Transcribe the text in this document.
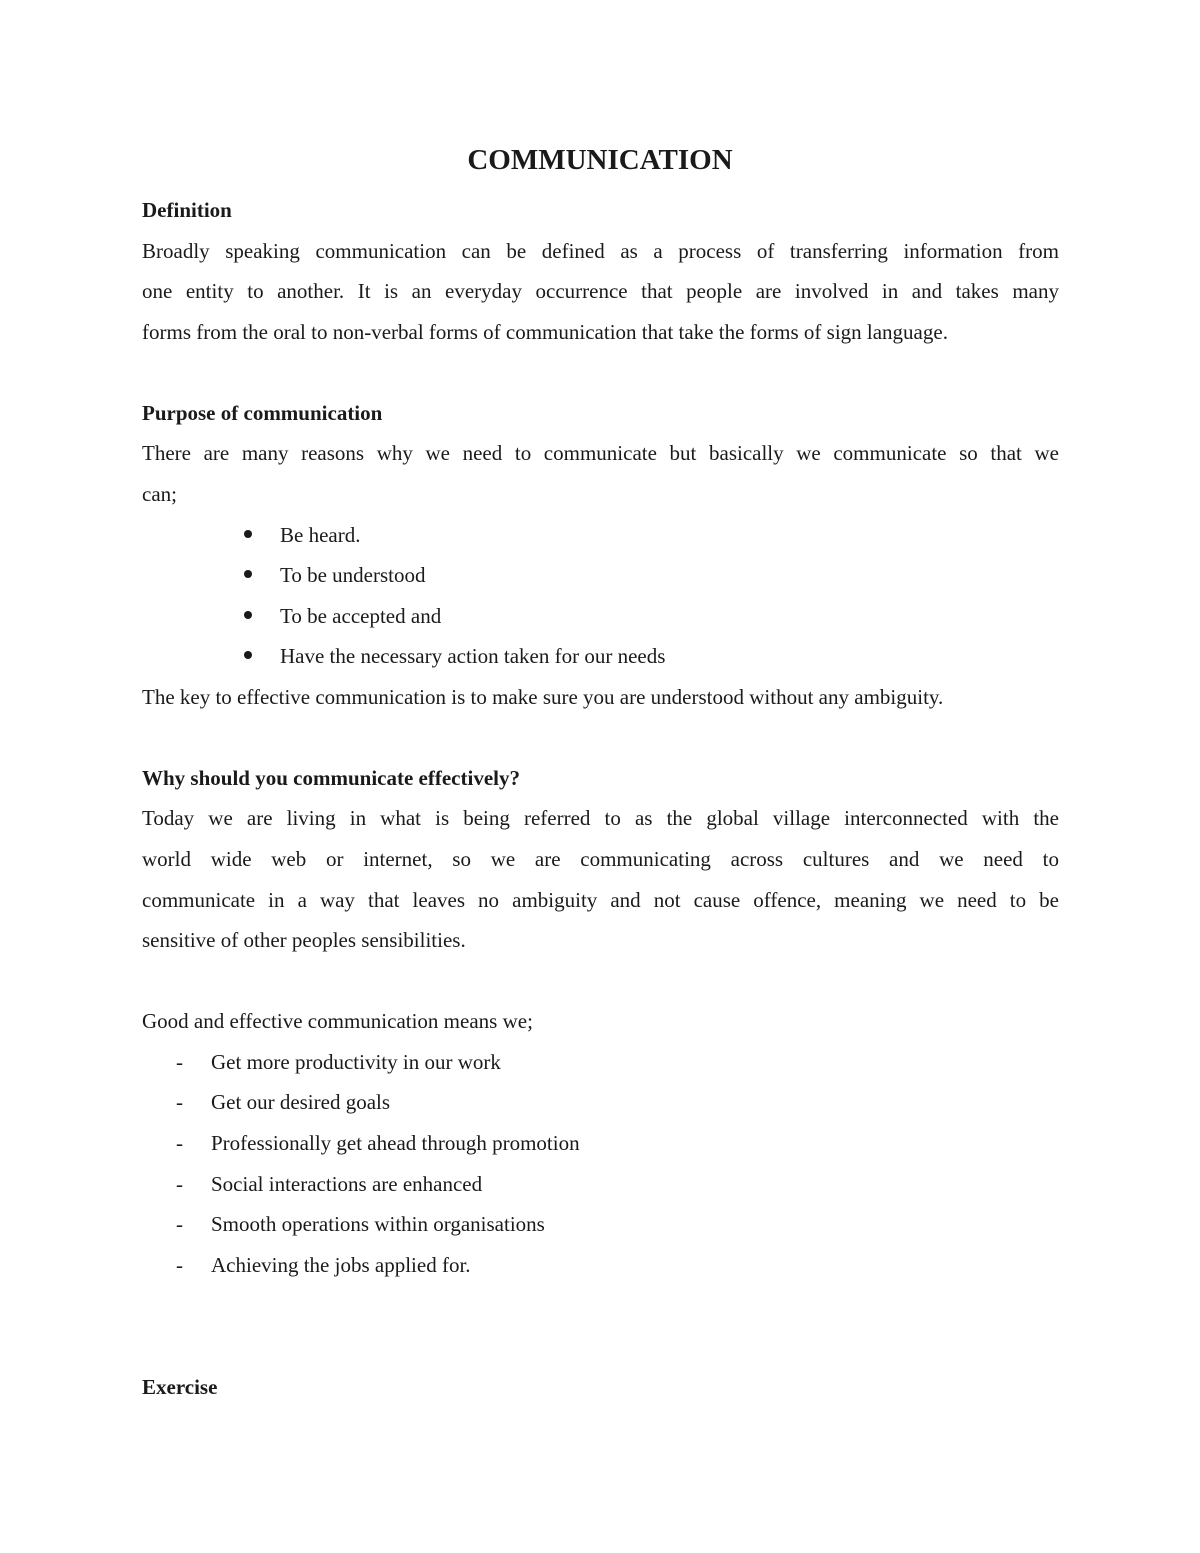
COMMUNICATION
Definition
Broadly speaking communication can be defined as a process of transferring information from
one entity to another. It is an everyday occurrence that people are involved in and takes many
forms from the oral to non-verbal forms of communication that take the forms of sign language.
Purpose of communication
There are many reasons why we need to communicate but basically we communicate so that we
can;
Be heard.
To be understood
To be accepted and
Have the necessary action taken for our needs
The key to effective communication is to make sure you are understood without any ambiguity.
Why should you communicate effectively?
Today we are living in what is being referred to as the global village interconnected with the
world wide web or internet, so we are communicating across cultures and we need to
communicate in a way that leaves no ambiguity and not cause offence, meaning we need to be
sensitive of other peoples sensibilities.
Good and effective communication means we;
- Get more productivity in our work
- Get our desired goals
- Professionally get ahead through promotion
- Social interactions are enhanced
- Smooth operations within organisations
- Achieving the jobs applied for.
Exercise
